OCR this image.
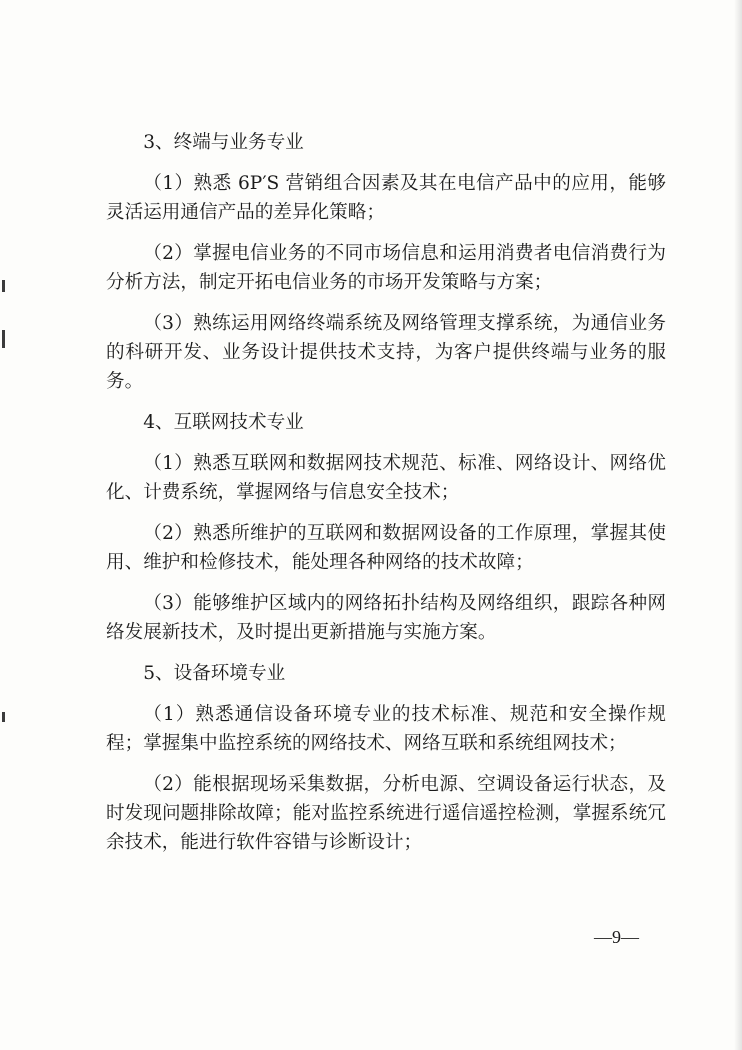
3、终端与业务专业

（1）熟悉 6P′S 营销组合因素及其在电信产品中的应用，能够灵活运用通信产品的差异化策略；

（2）掌握电信业务的不同市场信息和运用消费者电信消费行为分析方法，制定开拓电信业务的市场开发策略与方案；

（3）熟练运用网络终端系统及网络管理支撑系统，为通信业务的科研开发、业务设计提供技术支持，为客户提供终端与业务的服务。

4、互联网技术专业

（1）熟悉互联网和数据网技术规范、标准、网络设计、网络优化、计费系统，掌握网络与信息安全技术；

（2）熟悉所维护的互联网和数据网设备的工作原理，掌握其使用、维护和检修技术，能处理各种网络的技术故障；

（3）能够维护区域内的网络拓扑结构及网络组织，跟踪各种网络发展新技术，及时提出更新措施与实施方案。

5、设备环境专业

（1）熟悉通信设备环境专业的技术标准、规范和安全操作规程；掌握集中监控系统的网络技术、网络互联和系统组网技术；

（2）能根据现场采集数据，分析电源、空调设备运行状态，及时发现问题排除故障；能对监控系统进行遥信遥控检测，掌握系统冗余技术，能进行软件容错与诊断设计；

—9—
